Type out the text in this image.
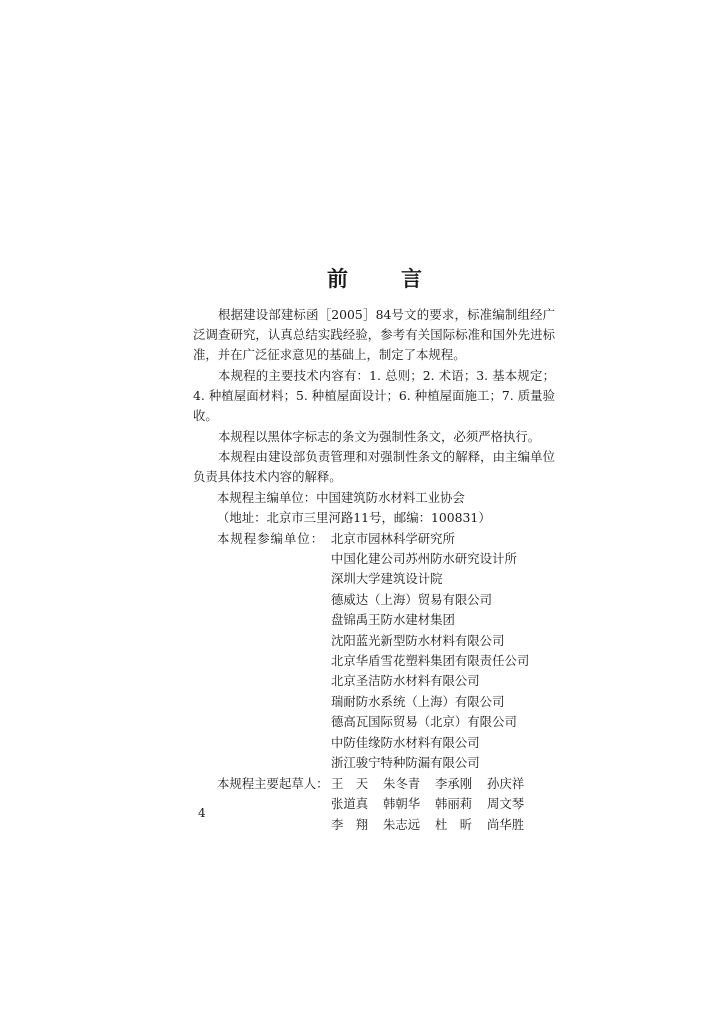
前 言

根据建设部建标函［2005］84号文的要求，标准编制组经广泛调查研究，认真总结实践经验，参考有关国际标准和国外先进标准，并在广泛征求意见的基础上，制定了本规程。

本规程的主要技术内容有：1. 总则；2. 术语；3. 基本规定；4. 种植屋面材料；5. 种植屋面设计；6. 种植屋面施工；7. 质量验收。

本规程以黑体字标志的条文为强制性条文，必须严格执行。

本规程由建设部负责管理和对强制性条文的解释，由主编单位负责具体技术内容的解释。

本规程主编单位：中国建筑防水材料工业协会
（地址：北京市三里河路11号，邮编：100831）
本规程参编单位： 北京市园林科学研究所
中国化建公司苏州防水研究设计所
深圳大学建筑设计院
德威达（上海）贸易有限公司
盘锦禹王防水建材集团
沈阳蓝光新型防水材料有限公司
北京华盾雪花塑料集团有限责任公司
北京圣洁防水材料有限公司
瑞耐防水系统（上海）有限公司
德高瓦国际贸易（北京）有限公司
中防佳缘防水材料有限公司
浙江骏宁特种防漏有限公司
本规程主要起草人： 王　天 朱冬青 李承刚 孙庆祥
张道真 韩朝华 韩丽莉 周文琴
李　翔 朱志远 杜　昕 尚华胜
4
